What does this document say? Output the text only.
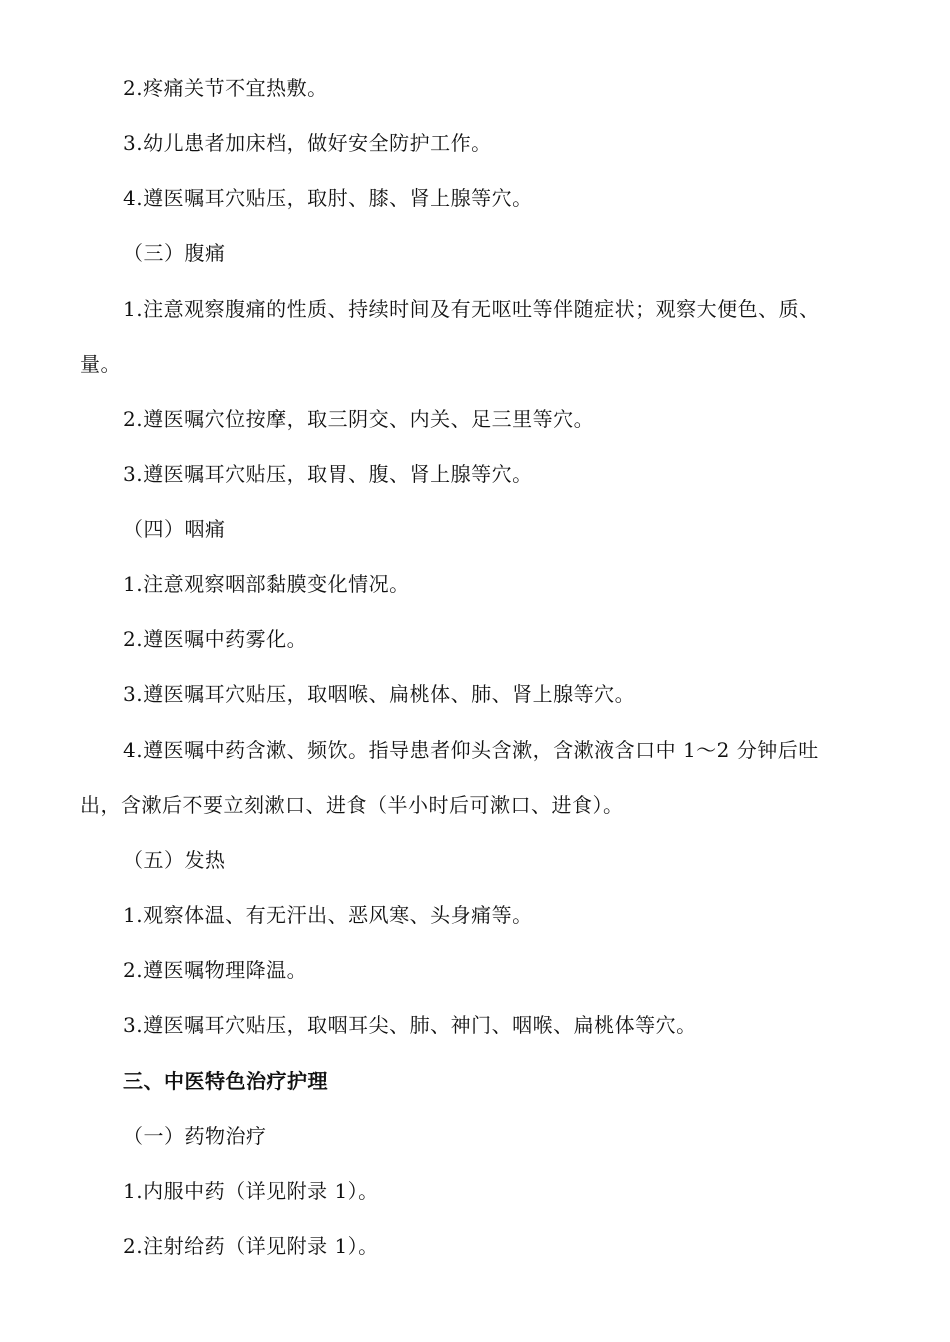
2.疼痛关节不宜热敷。
3.幼儿患者加床档，做好安全防护工作。
4.遵医嘱耳穴贴压，取肘、膝、肾上腺等穴。
（三）腹痛
1.注意观察腹痛的性质、持续时间及有无呕吐等伴随症状；观察大便色、质、
量。
2.遵医嘱穴位按摩，取三阴交、内关、足三里等穴。
3.遵医嘱耳穴贴压，取胃、腹、肾上腺等穴。
（四）咽痛
1.注意观察咽部黏膜变化情况。
2.遵医嘱中药雾化。
3.遵医嘱耳穴贴压，取咽喉、扁桃体、肺、肾上腺等穴。
4.遵医嘱中药含漱、频饮。指导患者仰头含漱，含漱液含口中 1～2 分钟后吐
出，含漱后不要立刻漱口、进食（半小时后可漱口、进食）。
（五）发热
1.观察体温、有无汗出、恶风寒、头身痛等。
2.遵医嘱物理降温。
3.遵医嘱耳穴贴压，取咽耳尖、肺、神门、咽喉、扁桃体等穴。
三、中医特色治疗护理
（一）药物治疗
1.内服中药（详见附录 1）。
2.注射给药（详见附录 1）。
